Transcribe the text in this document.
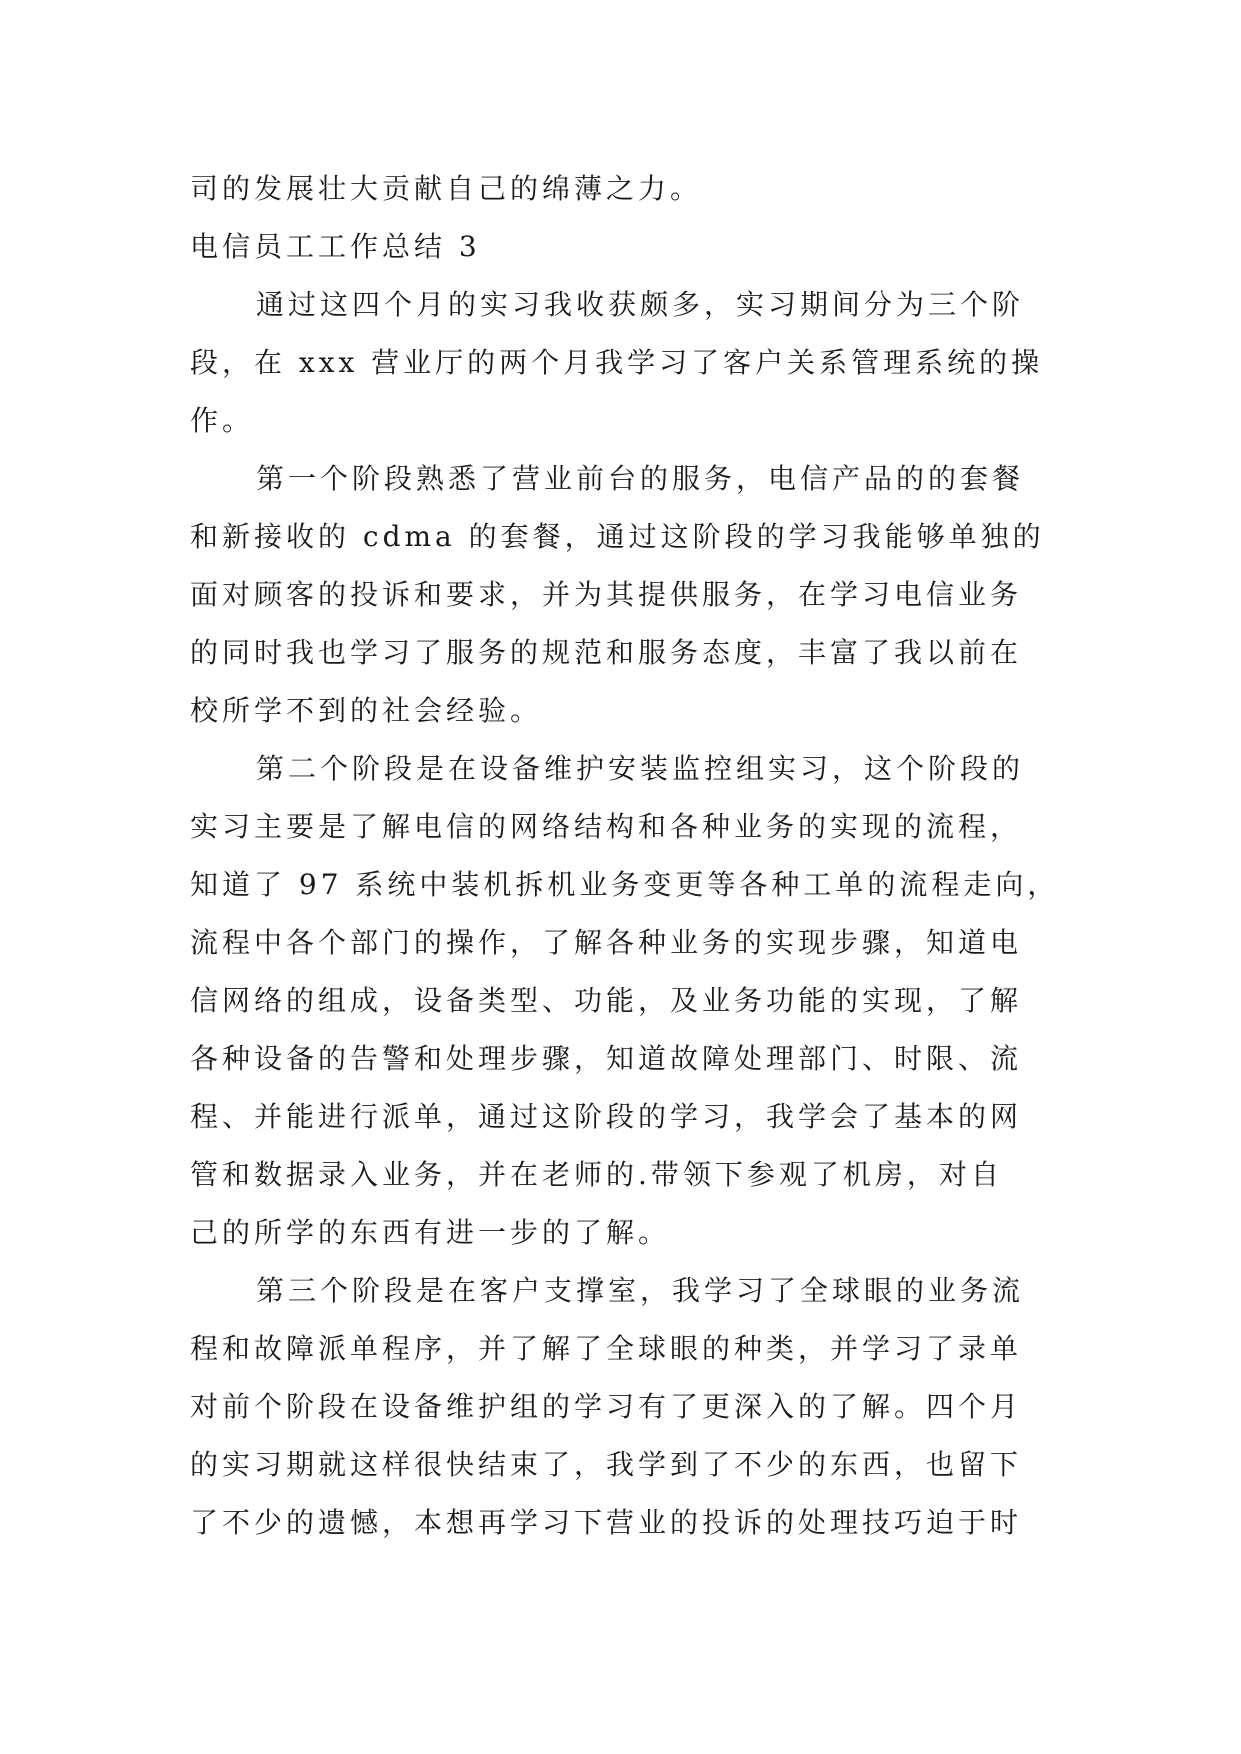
司的发展壮大贡献自己的绵薄之力。
电信员工工作总结 3
通过这四个月的实习我收获颇多，实习期间分为三个阶
段，在 xxx 营业厅的两个月我学习了客户关系管理系统的操
作。
第一个阶段熟悉了营业前台的服务，电信产品的的套餐
和新接收的 cdma 的套餐，通过这阶段的学习我能够单独的
面对顾客的投诉和要求，并为其提供服务，在学习电信业务
的同时我也学习了服务的规范和服务态度，丰富了我以前在
校所学不到的社会经验。
第二个阶段是在设备维护安装监控组实习，这个阶段的
实习主要是了解电信的网络结构和各种业务的实现的流程，
知道了 97 系统中装机拆机业务变更等各种工单的流程走向，
流程中各个部门的操作，了解各种业务的实现步骤，知道电
信网络的组成，设备类型、功能，及业务功能的实现，了解
各种设备的告警和处理步骤，知道故障处理部门、时限、流
程、并能进行派单，通过这阶段的学习，我学会了基本的网
管和数据录入业务，并在老师的.带领下参观了机房，对自
己的所学的东西有进一步的了解。
第三个阶段是在客户支撑室，我学习了全球眼的业务流
程和故障派单程序，并了解了全球眼的种类，并学习了录单
对前个阶段在设备维护组的学习有了更深入的了解。四个月
的实习期就这样很快结束了，我学到了不少的东西，也留下
了不少的遗憾，本想再学习下营业的投诉的处理技巧迫于时
